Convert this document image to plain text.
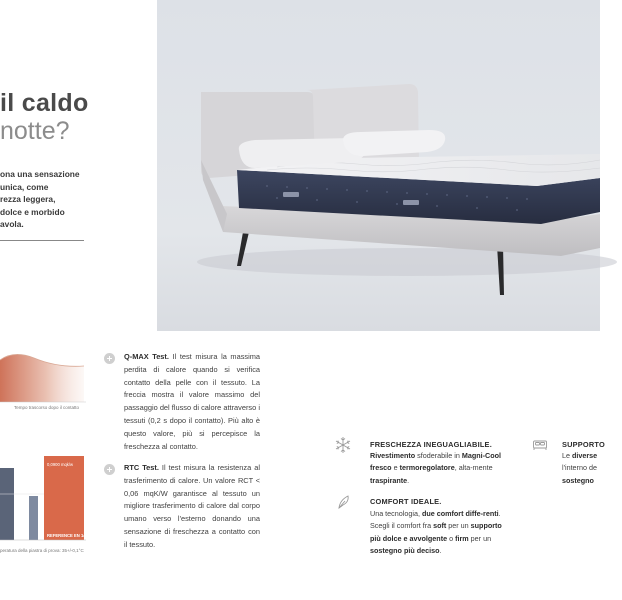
il caldo
notte?
ona una sensazione
unica, come
rezza leggera,
dolce e morbido
avola.
Tempo trascorso dopo il contatto
0,0900 mqk/w
REFERENCE EN 14058
peratura della piastra di prova: 35+/-0,1°C
Q-MAX Test. Il test misura la massima perdita di calore quando si verifica contatto della pelle con il tessuto. La freccia mostra il valore massimo del passaggio del flusso di calore attraverso i tessuti (0,2 s dopo il contatto). Più alto è questo valore, più si percepisce la freschezza al contatto.
RTC Test. Il test misura la resistenza al trasferimento di calore. Un valore RCT < 0,06 mqK/W garantisce al tessuto un migliore trasferimento di calore dal corpo umano verso l'esterno donando una sensazione di freschezza a contatto con il tessuto.
FRESCHEZZA INEGUAGLIABILE.
Rivestimento sfoderabile in Magni-Cool fresco e termoregolatore, alta-mente traspirante.
COMFORT IDEALE.
Una tecnologia, due comfort diffe-renti. Scegli il comfort fra soft per un supporto più dolce e avvolgente o firm per un sostegno più deciso.
SUPPORTO
Le diverse
l'interno de
sostegno
